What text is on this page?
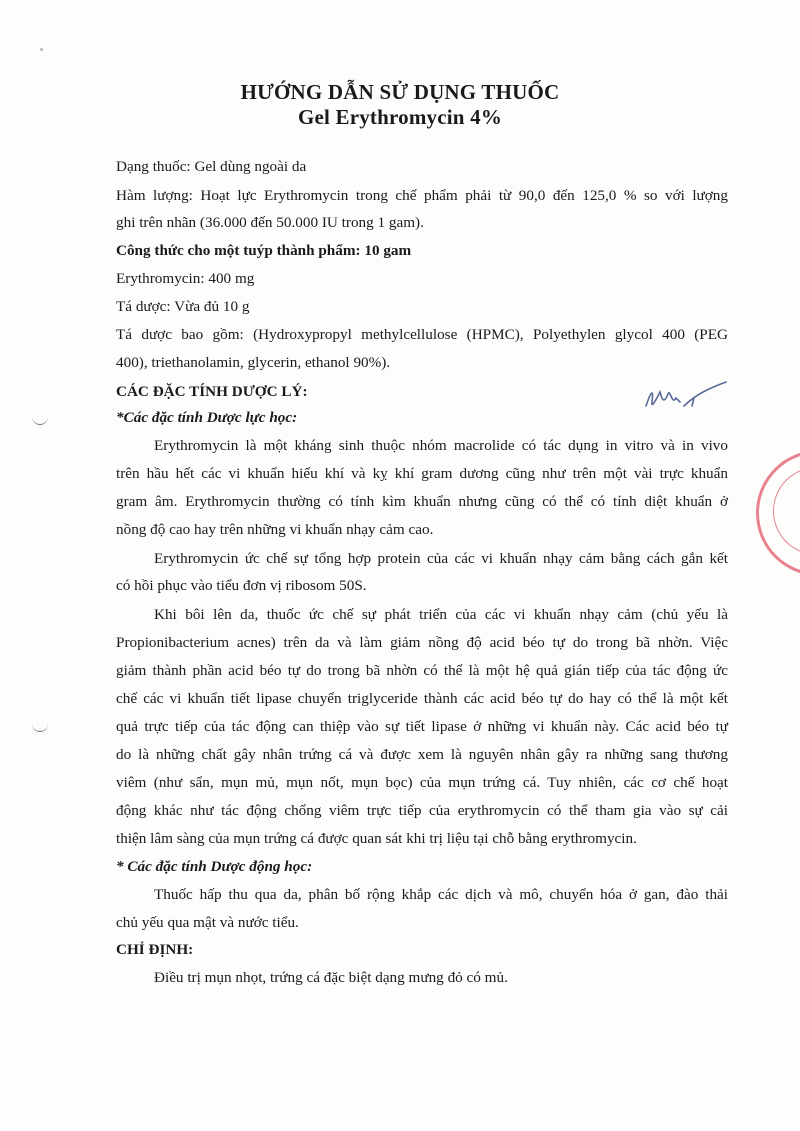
HƯỚNG DẪN SỬ DỤNG THUỐC
Gel Erythromycin 4%
Dạng thuốc: Gel dùng ngoài da
Hàm lượng: Hoạt lực Erythromycin trong chế phẩm phải từ 90,0 đến 125,0 % so với lượng
ghi trên nhãn (36.000 đến 50.000 IU trong 1 gam).
Công thức cho một tuýp thành phẩm: 10 gam
Erythromycin: 400 mg
Tá dược: Vừa đủ 10 g
Tá dược bao gồm: (Hydroxypropyl methylcellulose (HPMC), Polyethylen glycol 400 (PEG
400), triethanolamin, glycerin, ethanol 90%).
CÁC ĐẶC TÍNH DƯỢC LÝ:
*Các đặc tính Dược lực học:
Erythromycin là một kháng sinh thuộc nhóm macrolide có tác dụng in vitro và in vivo
trên hầu hết các vi khuẩn hiếu khí và kỵ khí gram dương cũng như trên một vài trực khuẩn
gram âm. Erythromycin thường có tính kìm khuẩn nhưng cũng có thể có tính diệt khuẩn ở
nồng độ cao hay trên những vi khuẩn nhạy cảm cao.
Erythromycin ức chế sự tổng hợp protein của các vi khuẩn nhạy cảm bằng cách gắn kết
có hồi phục vào tiểu đơn vị ribosom 50S.
Khi bôi lên da, thuốc ức chế sự phát triển của các vi khuẩn nhạy cảm (chủ yếu là
Propionibacterium acnes) trên da và làm giảm nồng độ acid béo tự do trong bã nhờn. Việc
giảm thành phần acid béo tự do trong bã nhờn có thể là một hệ quả gián tiếp của tác động ức
chế các vi khuẩn tiết lipase chuyển triglyceride thành các acid béo tự do hay có thể là một kết
quả trực tiếp của tác động can thiệp vào sự tiết lipase ở những vi khuẩn này. Các acid béo tự
do là những chất gây nhân trứng cá và được xem là nguyên nhân gây ra những sang thương
viêm (như sẩn, mụn mủ, mụn nốt, mụn bọc) của mụn trứng cá. Tuy nhiên, các cơ chế hoạt
động khác như tác động chống viêm trực tiếp của erythromycin có thể tham gia vào sự cải
thiện lâm sàng của mụn trứng cá được quan sát khi trị liệu tại chỗ bằng erythromycin.
* Các đặc tính Dược động học:
Thuốc hấp thu qua da, phân bố rộng khắp các dịch và mô, chuyển hóa ở gan, đào thải
chủ yếu qua mật và nước tiểu.
CHỈ ĐỊNH:
Điều trị mụn nhọt, trứng cá đặc biệt dạng mưng đỏ có mủ.
